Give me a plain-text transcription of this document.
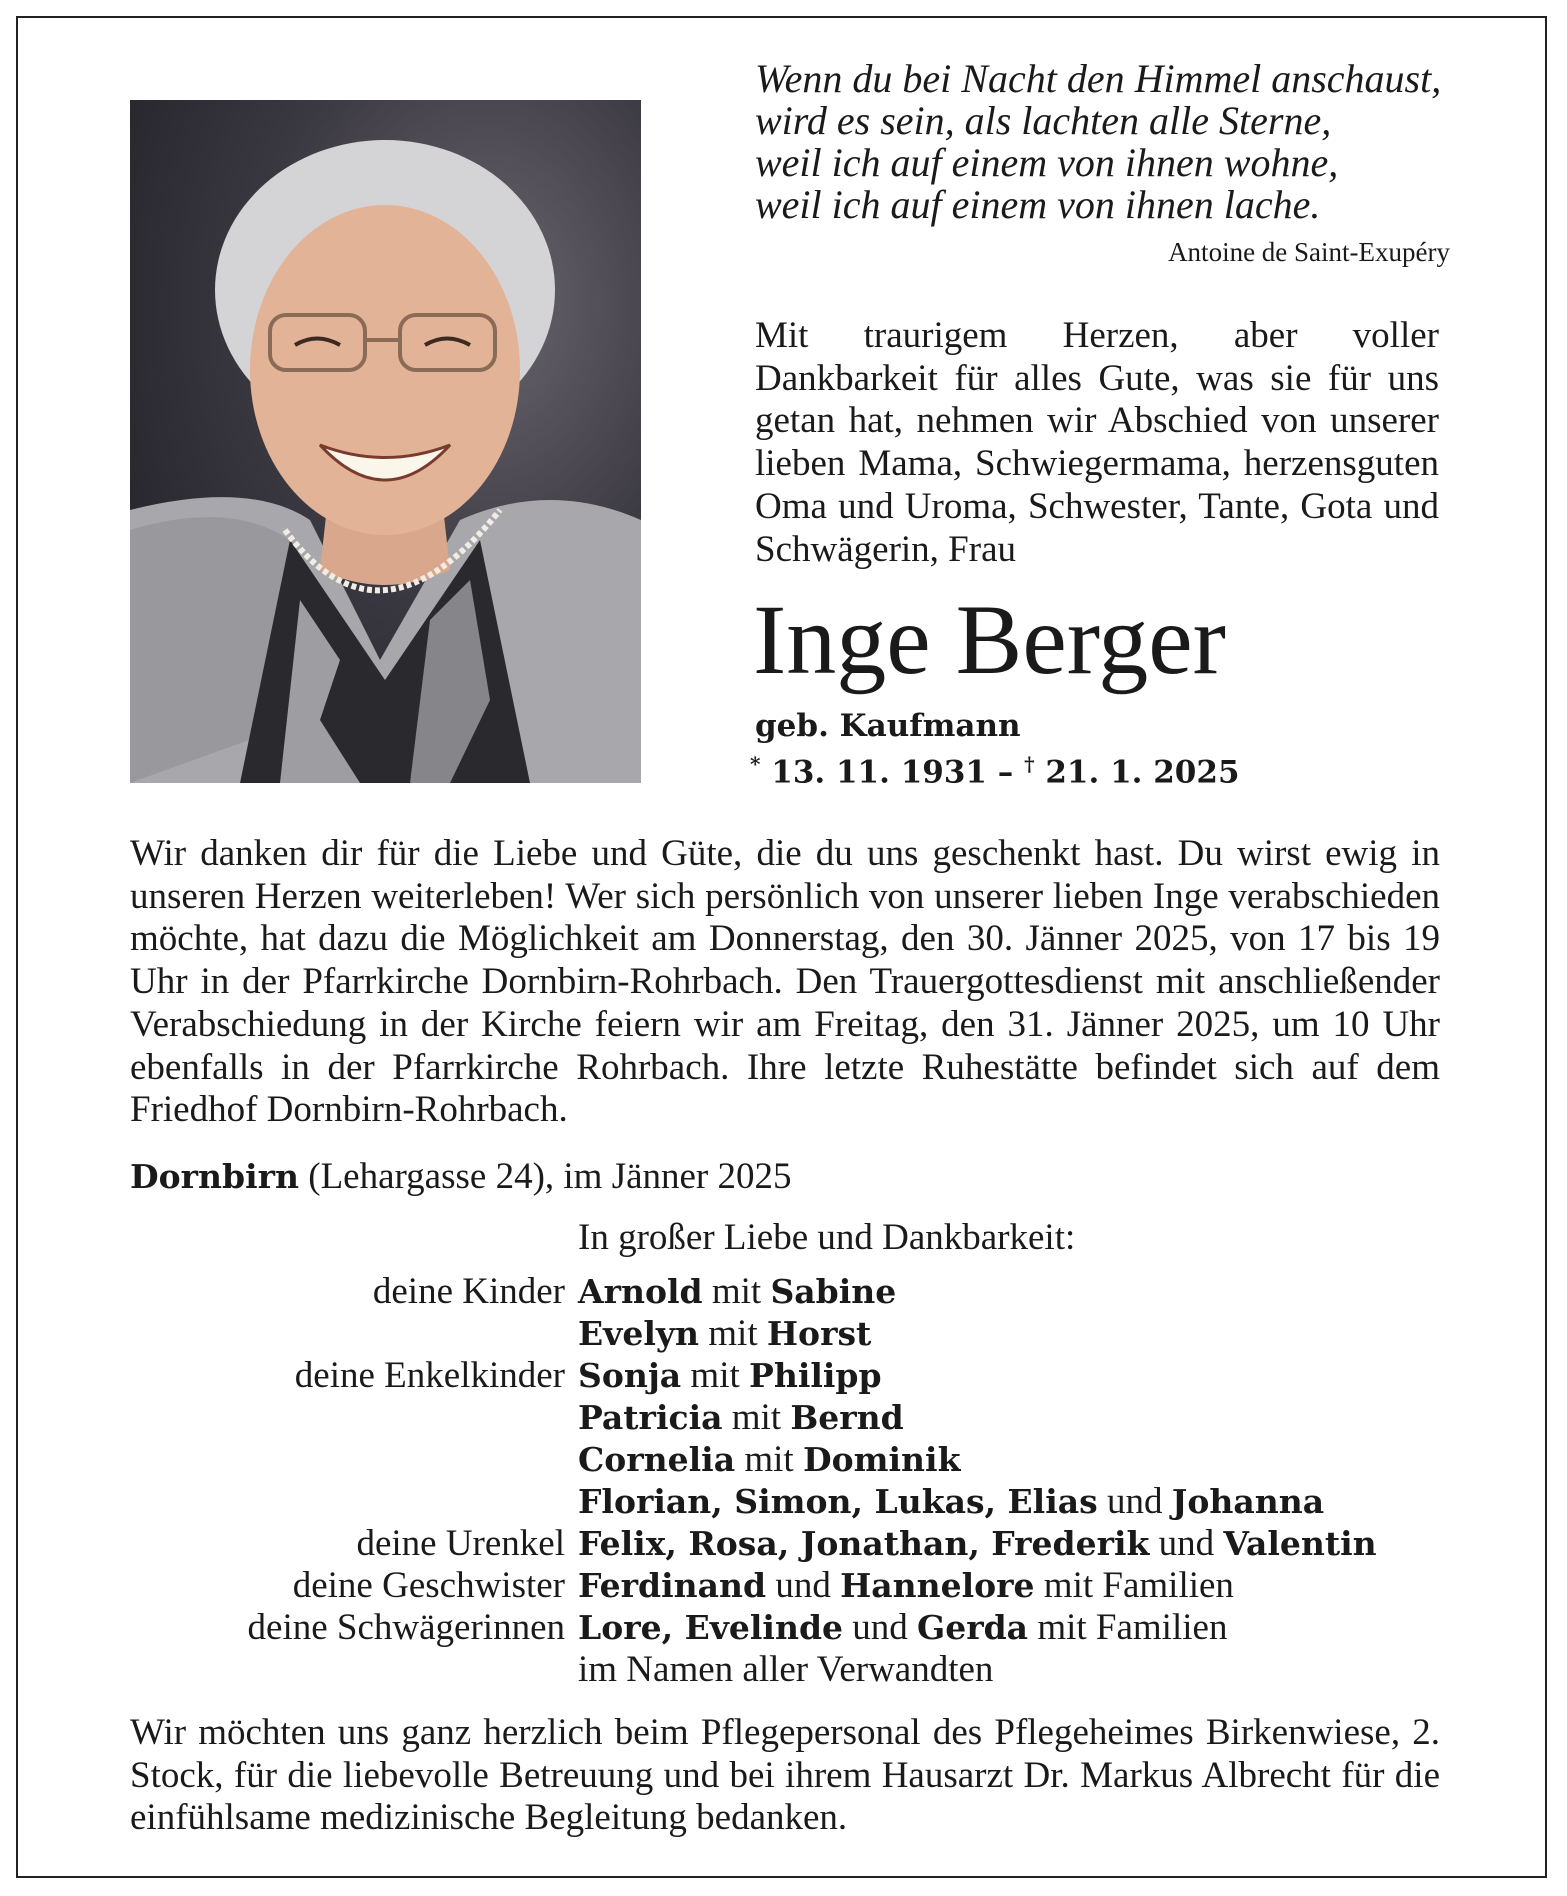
Wenn du bei Nacht den Himmel anschaust,
wird es sein, als lachten alle Sterne,
weil ich auf einem von ihnen wohne,
weil ich auf einem von ihnen lache.
Antoine de Saint-Exupéry
Mit traurigem Herzen, aber voller Dankbarkeit für alles Gute, was sie für uns getan hat, nehmen wir Abschied von unserer lieben Mama, Schwiegermama, herzensguten Oma und Uroma, Schwester, Tante, Gota und Schwägerin, Frau
Inge Berger
geb. Kaufmann
* 13. 11. 1931 – † 21. 1. 2025
Wir danken dir für die Liebe und Güte, die du uns geschenkt hast. Du wirst ewig in unseren Herzen weiterleben! Wer sich persönlich von unserer lieben Inge verabschieden möchte, hat dazu die Möglichkeit am Donnerstag, den 30. Jänner 2025, von 17 bis 19 Uhr in der Pfarrkirche Dornbirn-Rohrbach. Den Trauergottesdienst mit anschließender Verabschiedung in der Kirche feiern wir am Freitag, den 31. Jänner 2025, um 10 Uhr ebenfalls in der Pfarrkirche Rohrbach. Ihre letzte Ruhestätte befindet sich auf dem Friedhof Dornbirn-Rohrbach.
Dornbirn (Lehargasse 24), im Jänner 2025
In großer Liebe und Dankbarkeit:
deine Kinder Arnold mit Sabine
Evelyn mit Horst
deine Enkelkinder Sonja mit Philipp
Patricia mit Bernd
Cornelia mit Dominik
Florian, Simon, Lukas, Elias und Johanna
deine Urenkel Felix, Rosa, Jonathan, Frederik und Valentin
deine Geschwister Ferdinand und Hannelore mit Familien
deine Schwägerinnen Lore, Evelinde und Gerda mit Familien
im Namen aller Verwandten
Wir möchten uns ganz herzlich beim Pflegepersonal des Pflegeheimes Birkenwiese, 2. Stock, für die liebevolle Betreuung und bei ihrem Hausarzt Dr. Markus Albrecht für die einfühlsame medizinische Begleitung bedanken.
